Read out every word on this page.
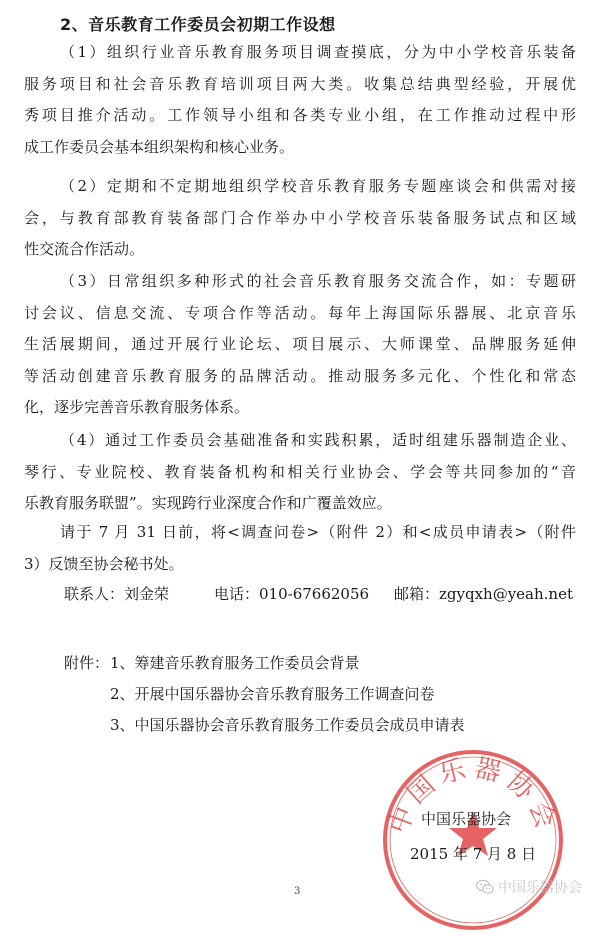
2、音乐教育工作委员会初期工作设想
（1）组织行业音乐教育服务项目调查摸底，分为中小学校音乐装备
服务项目和社会音乐教育培训项目两大类。收集总结典型经验，开展优
秀项目推介活动。工作领导小组和各类专业小组，在工作推动过程中形
成工作委员会基本组织架构和核心业务。
（2）定期和不定期地组织学校音乐教育服务专题座谈会和供需对接
会，与教育部教育装备部门合作举办中小学校音乐装备服务试点和区域
性交流合作活动。
（3）日常组织多种形式的社会音乐教育服务交流合作，如：专题研
讨会议、信息交流、专项合作等活动。每年上海国际乐器展、北京音乐
生活展期间，通过开展行业论坛、项目展示、大师课堂、品牌服务延伸
等活动创建音乐教育服务的品牌活动。推动服务多元化、个性化和常态
化，逐步完善音乐教育服务体系。
（4）通过工作委员会基础准备和实践积累，适时组建乐器制造企业、
琴行、专业院校、教育装备机构和相关行业协会、学会等共同参加的“音
乐教育服务联盟”。实现跨行业深度合作和广覆盖效应。
请于 7 月 31 日前，将<调查问卷>（附件 2）和<成员申请表>（附件
3）反馈至协会秘书处。
联系人：刘金荣	电话：010-67662056 邮箱：zgyqxh@yeah.net
附件： 1、筹建音乐教育服务工作委员会背景
2、开展中国乐器协会音乐教育服务工作调查问卷
3、中国乐器协会音乐教育服务工作委员会成员申请表
中国乐器协会
中国乐器协会
2015 年 7 月 8 日
3	中国乐器协会
